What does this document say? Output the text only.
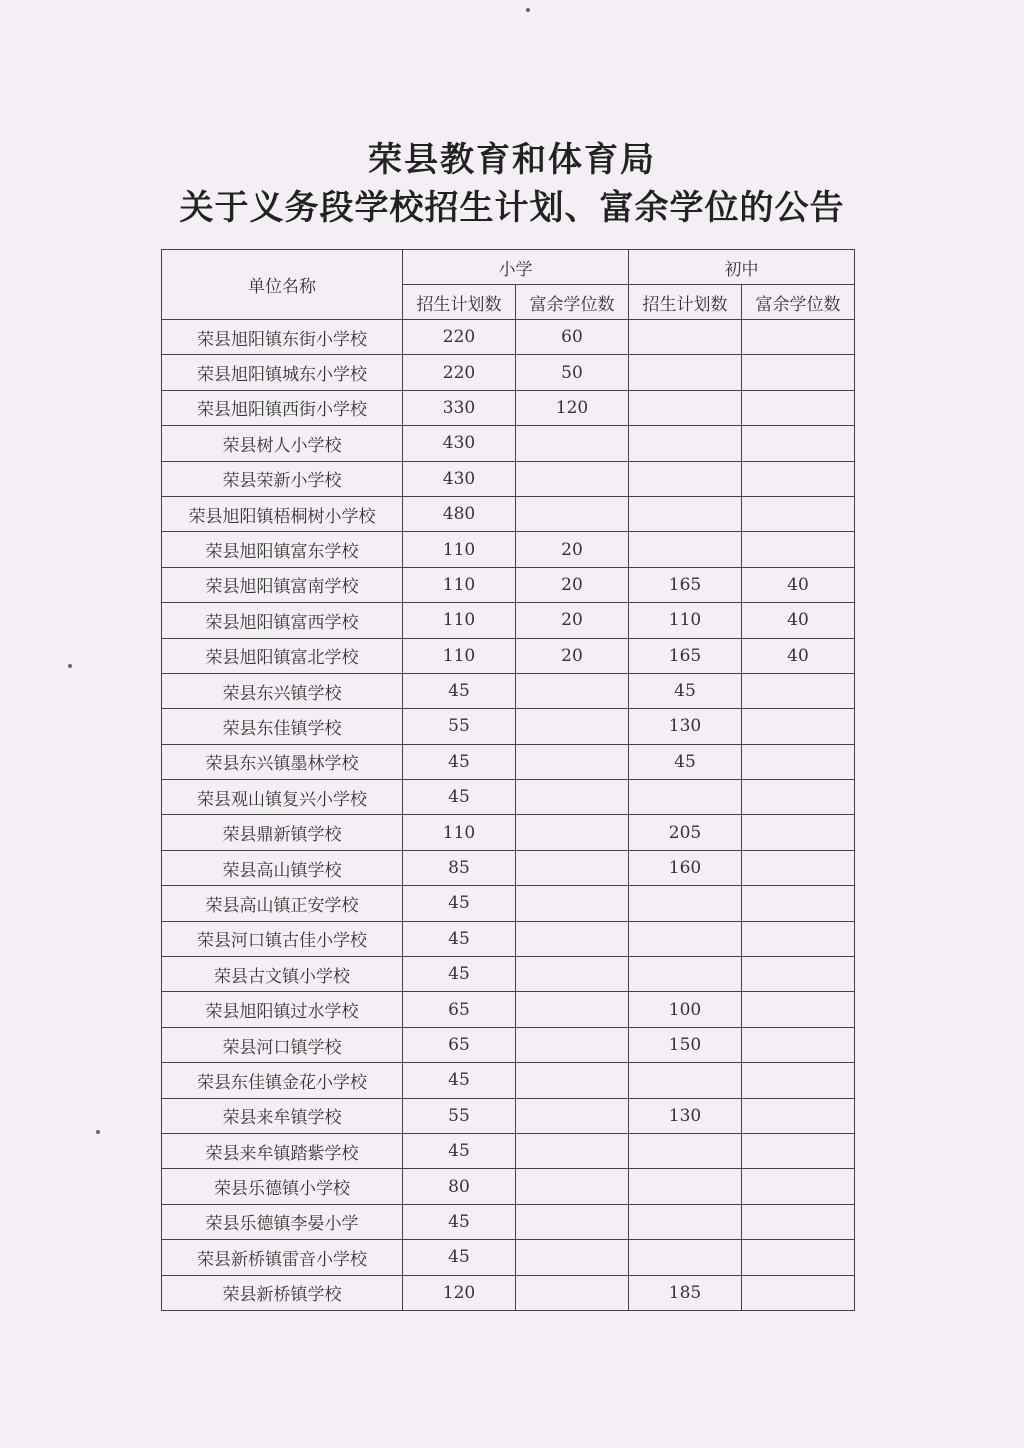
荣县教育和体育局
关于义务段学校招生计划、富余学位的公告
单位名称	小学		初中	
	招生计划数	富余学位数	招生计划数	富余学位数
荣县旭阳镇东街小学校	220	60		
荣县旭阳镇城东小学校	220	50		
荣县旭阳镇西街小学校	330	120		
荣县树人小学校	430			
荣县荣新小学校	430			
荣县旭阳镇梧桐树小学校	480			
荣县旭阳镇富东学校	110	20		
荣县旭阳镇富南学校	110	20	165	40
荣县旭阳镇富西学校	110	20	110	40
荣县旭阳镇富北学校	110	20	165	40
荣县东兴镇学校	45		45	
荣县东佳镇学校	55		130	
荣县东兴镇墨林学校	45		45	
荣县观山镇复兴小学校	45			
荣县鼎新镇学校	110		205	
荣县高山镇学校	85		160	
荣县高山镇正安学校	45			
荣县河口镇古佳小学校	45			
荣县古文镇小学校	45			
荣县旭阳镇过水学校	65		100	
荣县河口镇学校	65		150	
荣县东佳镇金花小学校	45			
荣县来牟镇学校	55		130	
荣县来牟镇踏紫学校	45			
荣县乐德镇小学校	80			
荣县乐德镇李晏小学	45			
荣县新桥镇雷音小学校	45			
荣县新桥镇学校	120		185	
